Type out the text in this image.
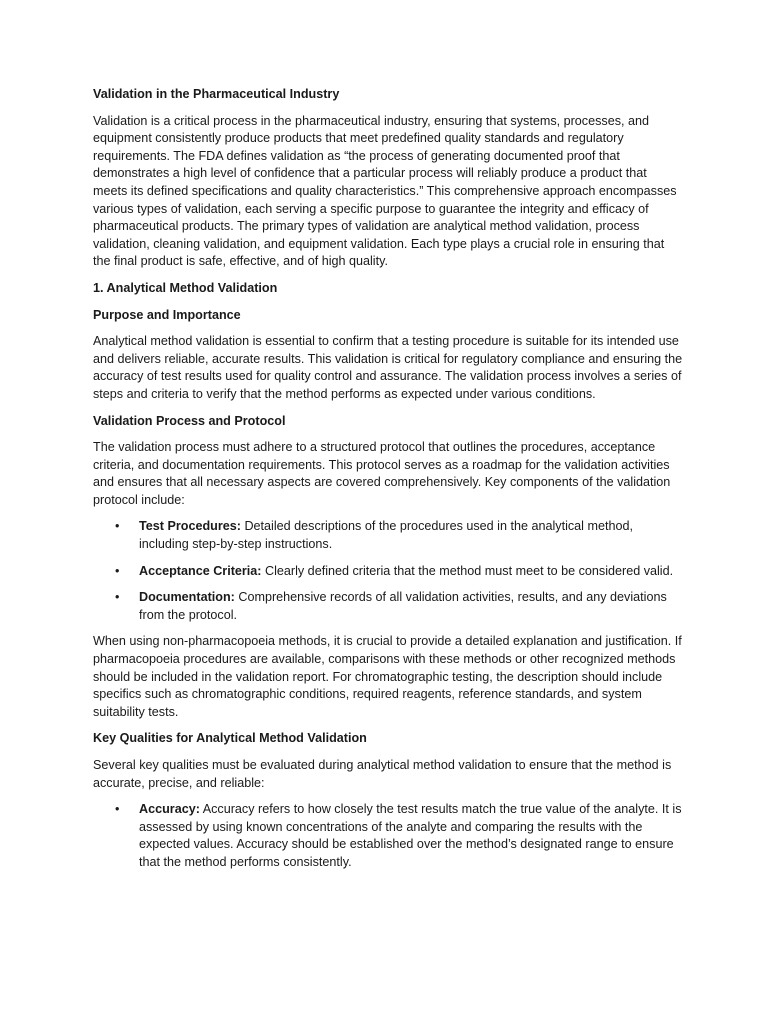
Validation in the Pharmaceutical Industry

Validation is a critical process in the pharmaceutical industry, ensuring that systems, processes, and equipment consistently produce products that meet predefined quality standards and regulatory requirements. The FDA defines validation as “the process of generating documented proof that demonstrates a high level of confidence that a particular process will reliably produce a product that meets its defined specifications and quality characteristics.” This comprehensive approach encompasses various types of validation, each serving a specific purpose to guarantee the integrity and efficacy of pharmaceutical products. The primary types of validation are analytical method validation, process validation, cleaning validation, and equipment validation. Each type plays a crucial role in ensuring that the final product is safe, effective, and of high quality.

1. Analytical Method Validation
Purpose and Importance

Analytical method validation is essential to confirm that a testing procedure is suitable for its intended use and delivers reliable, accurate results. This validation is critical for regulatory compliance and ensuring the accuracy of test results used for quality control and assurance. The validation process involves a series of steps and criteria to verify that the method performs as expected under various conditions.

Validation Process and Protocol

The validation process must adhere to a structured protocol that outlines the procedures, acceptance criteria, and documentation requirements. This protocol serves as a roadmap for the validation activities and ensures that all necessary aspects are covered comprehensively. Key components of the validation protocol include:

• Test Procedures: Detailed descriptions of the procedures used in the analytical method, including step-by-step instructions.
• Acceptance Criteria: Clearly defined criteria that the method must meet to be considered valid.
• Documentation: Comprehensive records of all validation activities, results, and any deviations from the protocol.

When using non-pharmacopoeia methods, it is crucial to provide a detailed explanation and justification. If pharmacopoeia procedures are available, comparisons with these methods or other recognized methods should be included in the validation report. For chromatographic testing, the description should include specifics such as chromatographic conditions, required reagents, reference standards, and system suitability tests.

Key Qualities for Analytical Method Validation

Several key qualities must be evaluated during analytical method validation to ensure that the method is accurate, precise, and reliable:

• Accuracy: Accuracy refers to how closely the test results match the true value of the analyte. It is assessed by using known concentrations of the analyte and comparing the results with the expected values. Accuracy should be established over the method’s designated range to ensure that the method performs consistently.
